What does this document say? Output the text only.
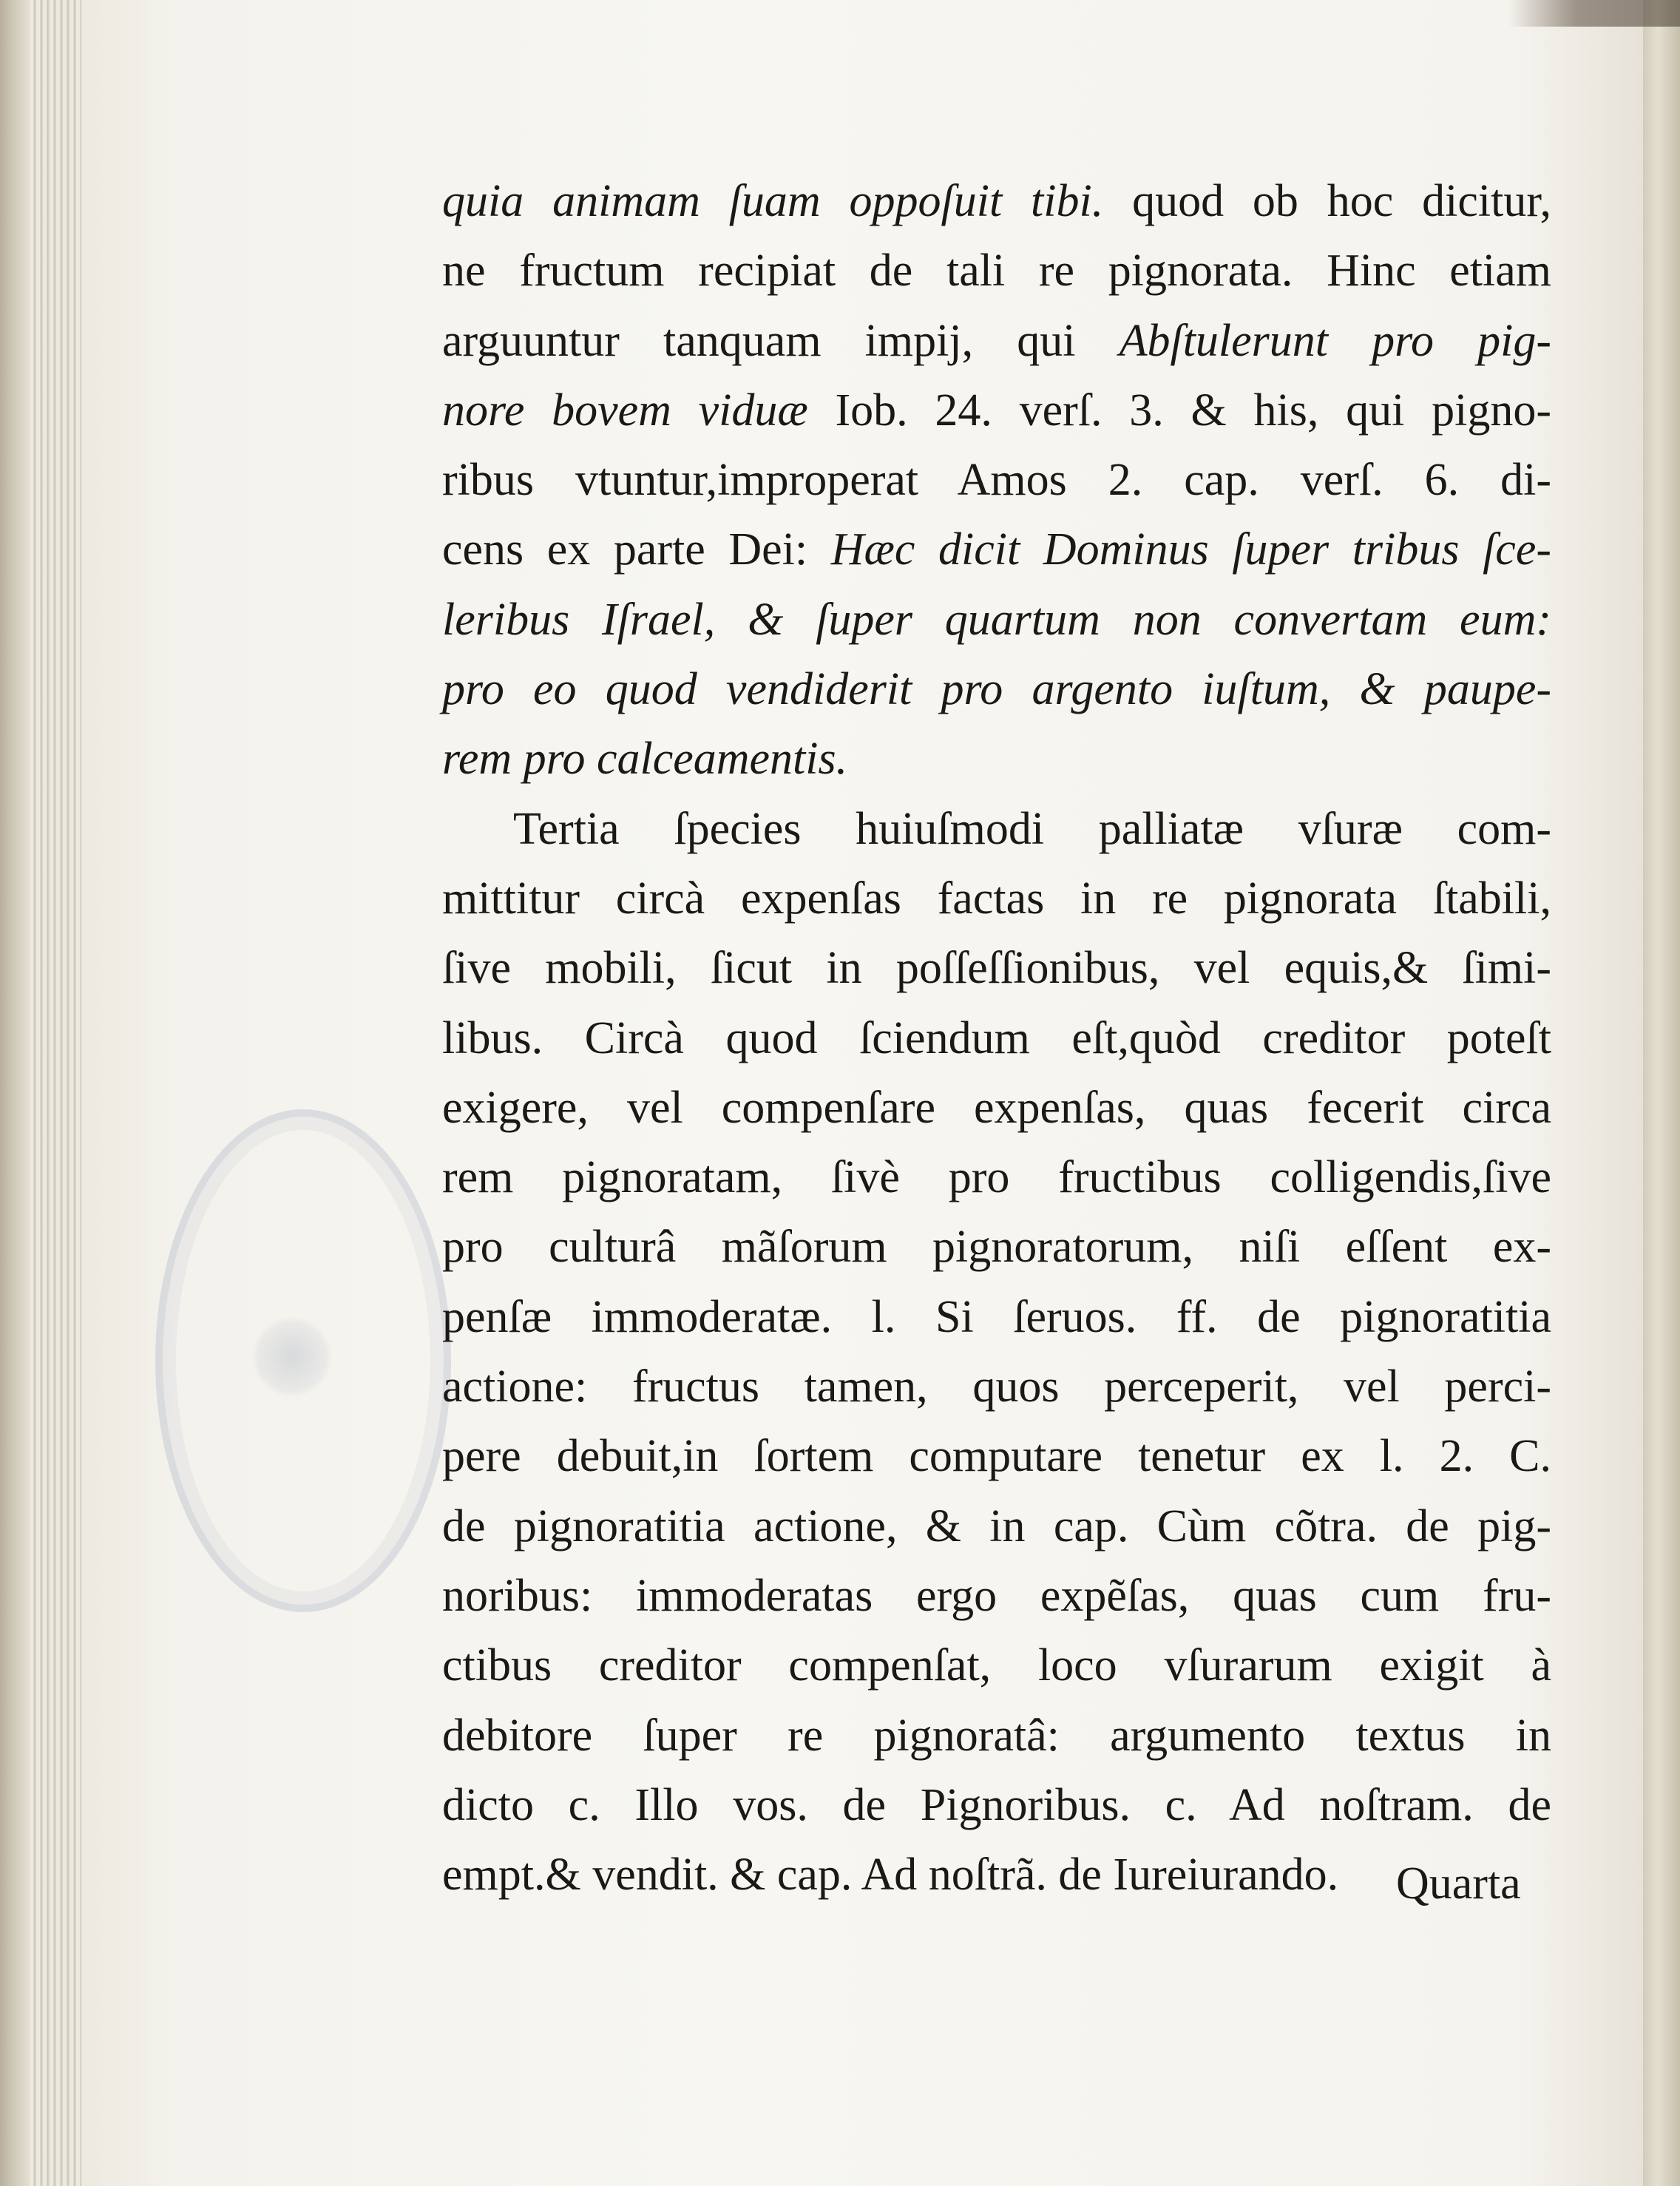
quia animam ſuam oppoſuit tibi. quod ob hoc dicitur,
ne fructum recipiat de tali re pignorata. Hinc etiam
arguuntur tanquam impij, qui Abſtulerunt pro pig-
nore bovem viduæ Iob. 24. verſ. 3. & his, qui pigno-
ribus vtuntur,improperat Amos 2. cap. verſ. 6. di-
cens ex parte Dei: Hæc dicit Dominus ſuper tribus ſce-
leribus Iſrael, & ſuper quartum non convertam eum:
pro eo quod vendiderit pro argento iuſtum, & paupe-
rem pro calceamentis.
Tertia ſpecies huiuſmodi palliatæ vſuræ com-
mittitur circà expenſas factas in re pignorata ſtabili,
ſive mobili, ſicut in poſſeſſionibus, vel equis,& ſimi-
libus. Circà quod ſciendum eſt,quòd creditor poteſt
exigere, vel compenſare expenſas, quas fecerit circa
rem pignoratam, ſivè pro fructibus colligendis,ſive
pro culturâ mãſorum pignoratorum, niſi eſſent ex-
penſæ immoderatæ. l. Si ſeruos. ff. de pignoratitia
actione: fructus tamen, quos perceperit, vel perci-
pere debuit,in ſortem computare tenetur ex l. 2. C.
de pignoratitia actione, & in cap. Cùm cõtra. de pig-
noribus: immoderatas ergo expẽſas, quas cum fru-
ctibus creditor compenſat, loco vſurarum exigit à
debitore ſuper re pignoratâ: argumento textus in
dicto c. Illo vos. de Pignoribus. c. Ad noſtram. de
empt.& vendit. & cap. Ad noſtrã. de Iureiurando.	Quarta
